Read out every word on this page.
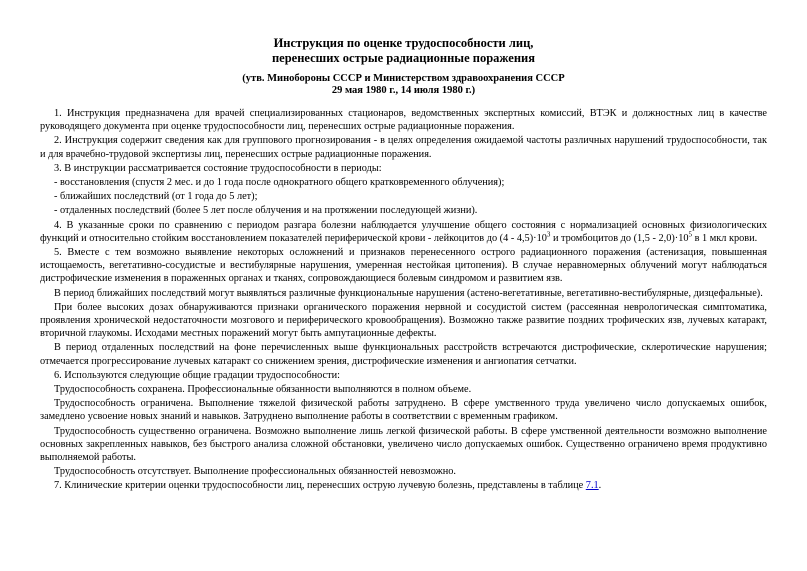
Инструкция по оценке трудоспособности лиц,
перенесших острые радиационные поражения
(утв. Минобороны СССР и Министерством здравоохранения СССР
29 мая 1980 г., 14 июля 1980 г.)

1. Инструкция предназначена для врачей специализированных стационаров, ведомственных экспертных комиссий, ВТЭК и должностных лиц в качестве руководящего документа при оценке трудоспособности лиц, перенесших острые радиационные поражения.

2. Инструкция содержит сведения как для группового прогнозирования - в целях определения ожидаемой частоты различных нарушений трудоспособности, так и для врачебно-трудовой экспертизы лиц, перенесших острые радиационные поражения.

3. В инструкции рассматривается состояние трудоспособности в периоды:

- восстановления (спустя 2 мес. и до 1 года после однократного общего кратковременного облучения);

- ближайших последствий (от 1 года до 5 лет);

- отдаленных последствий (более 5 лет после облучения и на протяжении последующей жизни).

4. В указанные сроки по сравнению с периодом разгара болезни наблюдается улучшение общего состояния с нормализацией основных физиологических функций и относительно стойким восстановлением показателей периферической крови - лейкоцитов до $(4 - 4,5)\cdot 10^3$ и тромбоцитов до $(1,5 - 2,0)\cdot 10^5$ в 1 мкл крови.

5. Вместе с тем возможно выявление некоторых осложнений и признаков перенесенного острого радиационного поражения (астенизация, повышенная истощаемость, вегетативно-сосудистые и вестибулярные нарушения, умеренная нестойкая цитопения). В случае неравномерных облучений могут наблюдаться дистрофические изменения в пораженных органах и тканях, сопровождающиеся болевым синдромом и развитием язв.

В период ближайших последствий могут выявляться различные функциональные нарушения (астено-вегетативные, вегетативно-вестибулярные, дизцефальные).

При более высоких дозах обнаруживаются признаки органического поражения нервной и сосудистой систем (рассеянная неврологическая симптоматика, проявления хронической недостаточности мозгового и периферического кровообращения). Возможно также развитие поздних трофических язв, лучевых катаракт, вторичной глаукомы. Исходами местных поражений могут быть ампутационные дефекты.

В период отдаленных последствий на фоне перечисленных выше функциональных расстройств встречаются дистрофические, склеротические нарушения; отмечается прогрессирование лучевых катаракт со снижением зрения, дистрофические изменения и ангиопатия сетчатки.

6. Используются следующие общие градации трудоспособности:

Трудоспособность сохранена. Профессиональные обязанности выполняются в полном объеме.

Трудоспособность ограничена. Выполнение тяжелой физической работы затруднено. В сфере умственного труда увеличено число допускаемых ошибок, замедлено усвоение новых знаний и навыков. Затруднено выполнение работы в соответствии с временным графиком.

Трудоспособность существенно ограничена. Возможно выполнение лишь легкой физической работы. В сфере умственной деятельности возможно выполнение основных закрепленных навыков, без быстрого анализа сложной обстановки, увеличено число допускаемых ошибок. Существенно ограничено время продуктивно выполняемой работы.

Трудоспособность отсутствует. Выполнение профессиональных обязанностей невозможно.

7. Клинические критерии оценки трудоспособности лиц, перенесших острую лучевую болезнь, представлены в таблице 7.1.
